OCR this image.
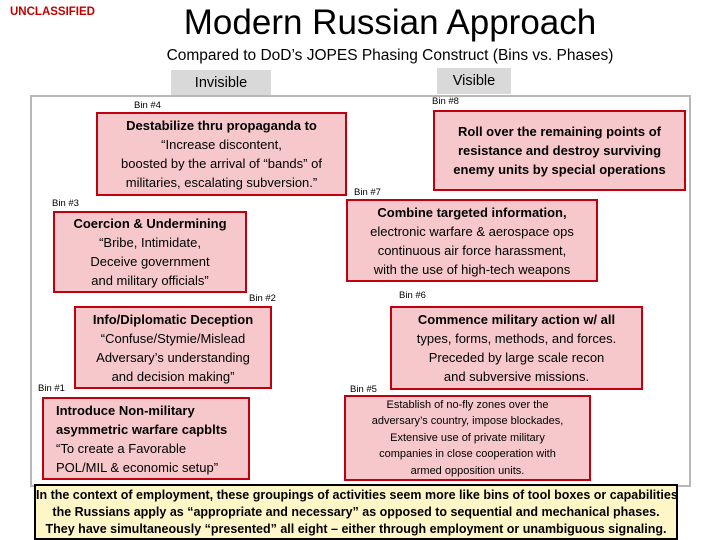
UNCLASSIFIED	Modern Russian Approach
Compared to DoD’s JOPES Phasing Construct (Bins vs. Phases)
Invisible	Visible
Bin #4	Bin #8
Bin #7
Bin #3
Bin #2	Bin #6
Bin #1	Bin #5
Destabilize thru propaganda to
“Increase discontent,
boosted by the arrival of “bands” of
militaries, escalating subversion.”
Roll over the remaining points of
resistance and destroy surviving
enemy units by special operations
Coercion & Undermining
“Bribe, Intimidate,
Deceive government
and military officials”
Combine targeted information,
electronic warfare & aerospace ops
continuous air force harassment,
with the use of high-tech weapons
Info/Diplomatic Deception
“Confuse/Stymie/Mislead
Adversary’s understanding
and decision making”
Commence military action w/ all
types, forms, methods, and forces.
Preceded by large scale recon
and subversive missions.
Introduce Non-military
asymmetric warfare capblts
“To create a Favorable
POL/MIL & economic setup”
Establish of no-fly zones over the
adversary’s country, impose blockades,
Extensive use of private military
companies in close cooperation with
armed opposition units.
In the context of employment, these groupings of activities seem more like bins of tool boxes or capabilities
the Russians apply as “appropriate and necessary” as opposed to sequential and mechanical phases.
They have simultaneously “presented” all eight – either through employment or unambiguous signaling.
